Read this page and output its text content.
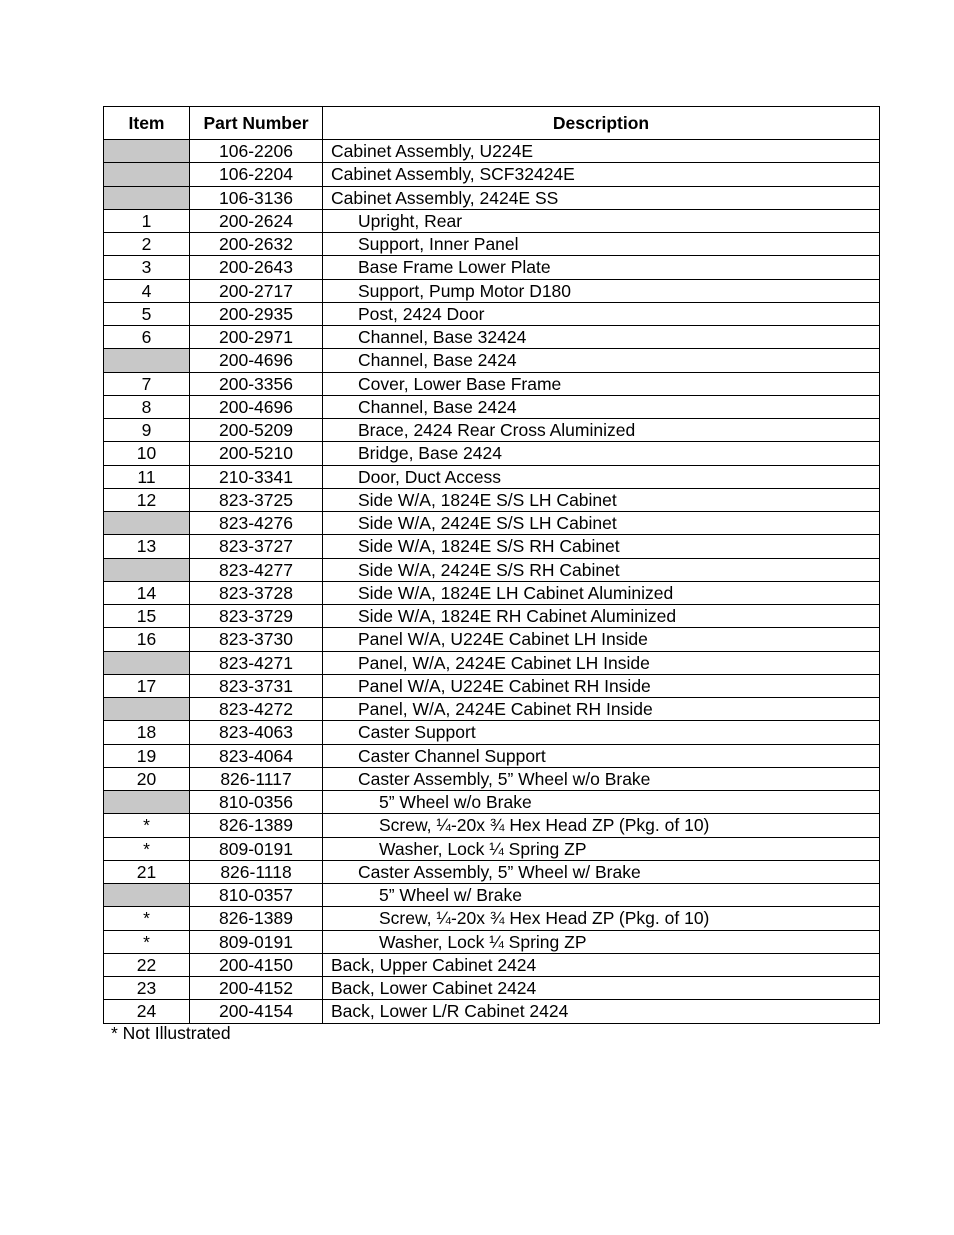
Item	Part Number	Description
	106-2206	Cabinet Assembly, U224E
	106-2204	Cabinet Assembly, SCF32424E
	106-3136	Cabinet Assembly, 2424E SS
1	200-2624	Upright, Rear
2	200-2632	Support, Inner Panel
3	200-2643	Base Frame Lower Plate
4	200-2717	Support, Pump Motor D180
5	200-2935	Post, 2424 Door
6	200-2971	Channel, Base 32424
	200-4696	Channel, Base 2424
7	200-3356	Cover, Lower Base Frame
8	200-4696	Channel, Base 2424
9	200-5209	Brace, 2424 Rear Cross Aluminized
10	200-5210	Bridge, Base 2424
11	210-3341	Door, Duct Access
12	823-3725	Side W/A, 1824E S/S LH Cabinet
	823-4276	Side W/A, 2424E S/S LH Cabinet
13	823-3727	Side W/A, 1824E S/S RH Cabinet
	823-4277	Side W/A, 2424E S/S RH Cabinet
14	823-3728	Side W/A, 1824E LH Cabinet Aluminized
15	823-3729	Side W/A, 1824E RH Cabinet Aluminized
16	823-3730	Panel W/A, U224E Cabinet LH Inside
	823-4271	Panel, W/A, 2424E Cabinet LH Inside
17	823-3731	Panel W/A, U224E Cabinet RH Inside
	823-4272	Panel, W/A, 2424E Cabinet RH Inside
18	823-4063	Caster Support
19	823-4064	Caster Channel Support
20	826-1117	Caster Assembly, 5” Wheel w/o Brake
	810-0356	5” Wheel w/o Brake
*	826-1389	Screw, ¼-20x ¾ Hex Head ZP (Pkg. of 10)
*	809-0191	Washer, Lock ¼ Spring ZP
21	826-1118	Caster Assembly, 5” Wheel w/ Brake
	810-0357	5” Wheel w/ Brake
*	826-1389	Screw, ¼-20x ¾ Hex Head ZP (Pkg. of 10)
*	809-0191	Washer, Lock ¼ Spring ZP
22	200-4150	Back, Upper Cabinet 2424
23	200-4152	Back, Lower Cabinet 2424
24	200-4154	Back, Lower L/R Cabinet 2424
* Not Illustrated
